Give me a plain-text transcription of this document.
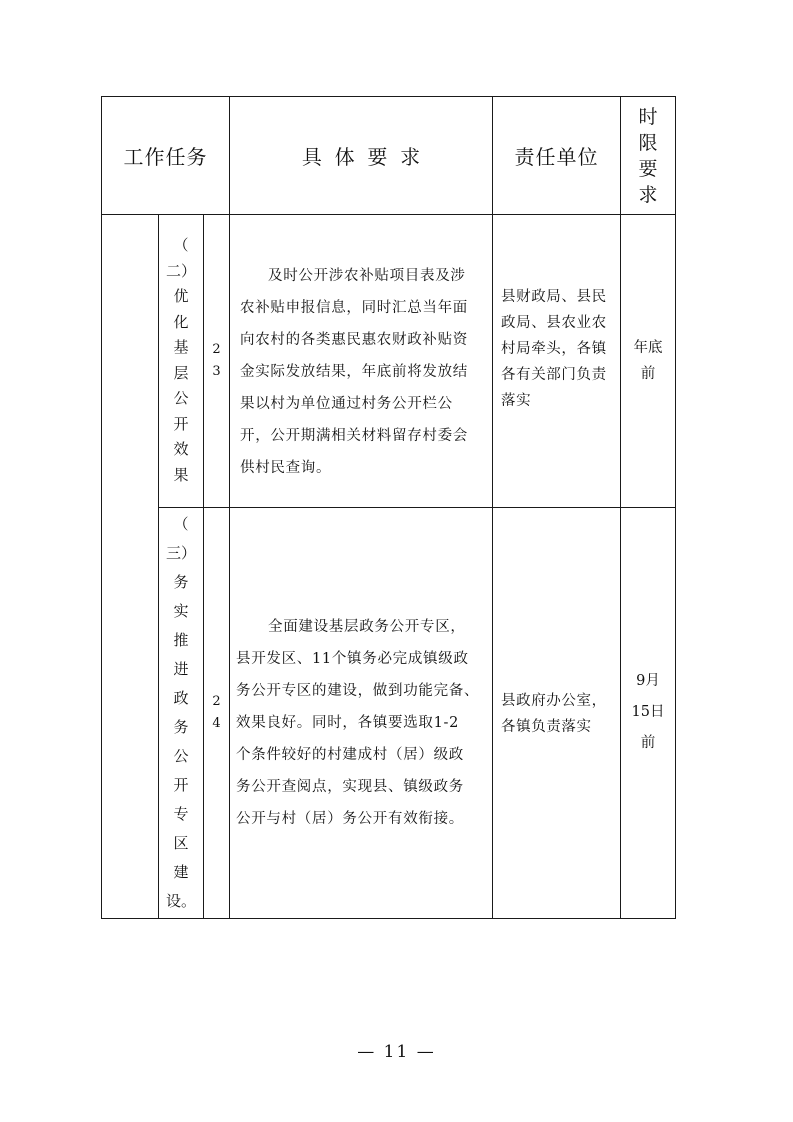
工作任务	具  体  要  求	责任单位
时
限
要
求
（
二）
优
化
基
层
公
开
效
果
2
3
及时公开涉农补贴项目表及涉
农补贴申报信息，同时汇总当年面
向农村的各类惠民惠农财政补贴资
金实际发放结果，年底前将发放结
果以村为单位通过村务公开栏公
开，公开期满相关材料留存村委会
供村民查询。
县财政局、县民
政局、县农业农
村局牵头，各镇
各有关部门负责
落实
年底
前
（
三）
务
实
推
进
政
务
公
开
专
区
建
设。
2
4
全面建设基层政务公开专区，
县开发区、11个镇务必完成镇级政
务公开专区的建设，做到功能完备、
效果良好。同时，各镇要选取1-2
个条件较好的村建成村（居）级政
务公开查阅点，实现县、镇级政务
公开与村（居）务公开有效衔接。
县政府办公室，
各镇负责落实
9月
15日
前
— 11 —
